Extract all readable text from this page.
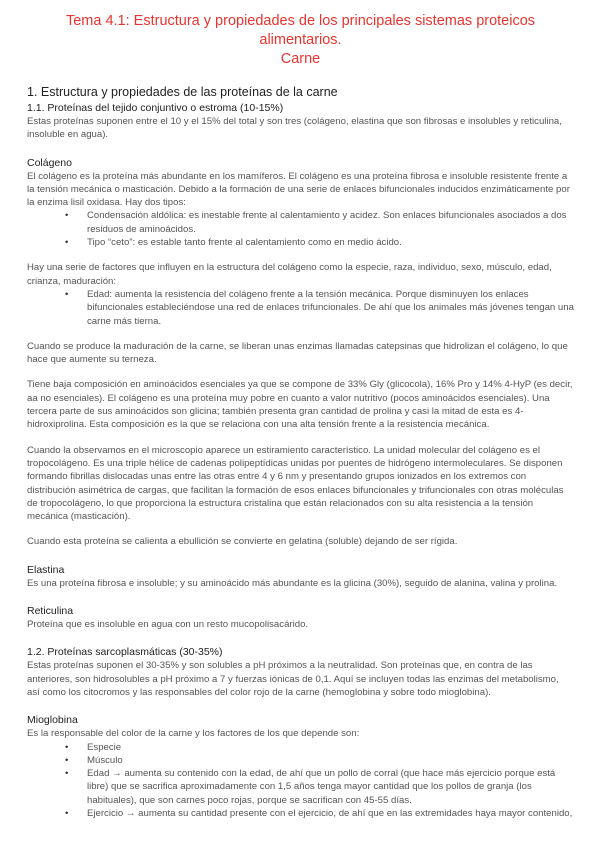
Tema 4.1: Estructura y propiedades de los principales sistemas proteicos alimentarios.
Carne
1. Estructura y propiedades de las proteínas de la carne
1.1. Proteínas del tejido conjuntivo o estroma (10-15%)

Estas proteínas suponen entre el 10 y el 15% del total y son tres (colágeno, elastina que son fibrosas e insolubles y reticulina, insoluble en agua).

Colágeno

El colágeno es la proteína más abundante en los mamíferos. El colágeno es una proteína fibrosa e insoluble resistente frente a la tensión mecánica o masticación. Debido a la formación de una serie de enlaces bifuncionales inducidos enzimáticamente por la enzima lisil oxidasa. Hay dos tipos:

• Condensación aldólica: es inestable frente al calentamiento y acidez. Son enlaces bifuncionales asociados a dos residuos de aminoácidos.
• Tipo “ceto”: es estable tanto frente al calentamiento como en medio ácido.

Hay una serie de factores que influyen en la estructura del colágeno como la especie, raza, individuo, sexo, músculo, edad, crianza, maduración:

• Edad: aumenta la resistencia del colágeno frente a la tensión mecánica. Porque disminuyen los enlaces bifuncionales estableciéndose una red de enlaces trifuncionales. De ahí que los animales más jóvenes tengan una carne más tierna.

Cuando se produce la maduración de la carne, se liberan unas enzimas llamadas catepsinas que hidrolizan el colágeno, lo que hace que aumente su terneza.

Tiene baja composición en aminoácidos esenciales ya que se compone de 33% Gly (glicocola), 16% Pro y 14% 4-HyP (es decir, aa no esenciales). El colágeno es una proteína muy pobre en cuanto a valor nutritivo (pocos aminoácidos esenciales). Una tercera parte de sus aminoácidos son glicina; también presenta gran cantidad de prolina y casi la mitad de esta es 4-hidroxiprolina. Esta composición es la que se relaciona con una alta tensión frente a la resistencia mecánica.

Cuando la observamos en el microscopio aparece un estiramiento característico. La unidad molecular del colágeno es el tropocolágeno. Es una triple hélice de cadenas polipeptídicas unidas por puentes de hidrógeno intermoleculares. Se disponen formando fibrillas dislocadas unas entre las otras entre 4 y 6 nm y presentando grupos ionizados en los extremos con distribución asimétrica de cargas, que facilitan la formación de esos enlaces bifuncionales y trifuncionales con otras moléculas de tropocolágeno, lo que proporciona la estructura cristalina que están relacionados con su alta resistencia a la tensión mecánica (masticación).

Cuando esta proteína se calienta a ebullición se convierte en gelatina (soluble) dejando de ser rígida.

Elastina

Es una proteína fibrosa e insoluble; y su aminoácido más abundante es la glicina (30%), seguido de alanina, valina y prolina.

Reticulina

Proteína que es insoluble en agua con un resto mucopolisacárido.

1.2. Proteínas sarcoplasmáticas (30-35%)

Estas proteínas suponen el 30-35% y son solubles a pH próximos a la neutralidad. Son proteínas que, en contra de las anteriores, son hidrosolubles a pH próximo a 7 y fuerzas iónicas de 0,1. Aquí se incluyen todas las enzimas del metabolismo, así como los citocromos y las responsables del color rojo de la carne (hemoglobina y sobre todo mioglobina).

Mioglobina

Es la responsable del color de la carne y los factores de los que depende son:

• Especie
• Músculo
• Edad → aumenta su contenido con la edad, de ahí que un pollo de corral (que hace más ejercicio porque está libre) que se sacrifica aproximadamente con 1,5 años tenga mayor cantidad que los pollos de granja (los habituales), que son carnes poco rojas, porque se sacrifican con 45-55 días.
• Ejercicio → aumenta su cantidad presente con el ejercicio, de ahí que en las extremidades haya mayor contenido,
